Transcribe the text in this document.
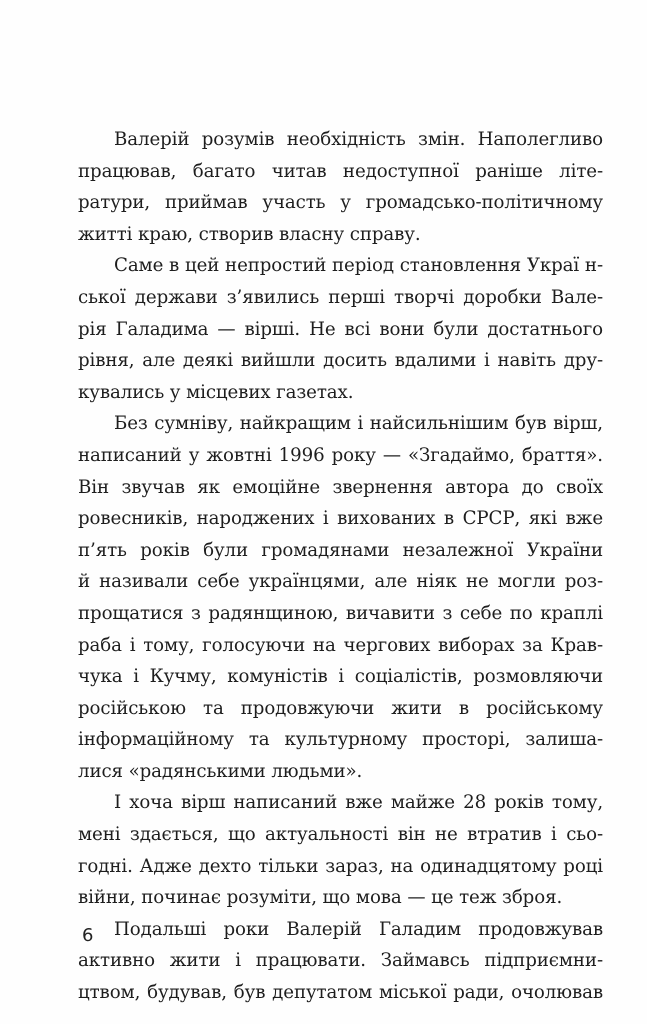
Валерій розумів необхідність змін. Наполегливо
працював, багато читав недоступної раніше літе-
ратури, приймав участь у громадсько-політичному
житті краю, створив власну справу.
Саме в цей непростий період становлення Украї н-
ської держави з’явились перші творчі доробки Вале-
рія Галадима — вірші. Не всі вони були достатнього
рівня, але деякі вийшли досить вдалими і навіть дру-
кувались у місцевих газетах.
Без сумніву, найкращим і найсильнішим був вірш,
написаний у жовтні 1996 року — «Згадаймо, браття».
Він звучав як емоційне звернення автора до своїх
ровесників, народжених і вихованих в СРСР, які вже
п’ять років були громадянами незалежної України
й називали себе українцями, але ніяк не могли роз-
прощатися з радянщиною, вичавити з себе по краплі
раба і тому, голосуючи на чергових виборах за Крав-
чука і Кучму, комуністів і соціалістів, розмовляючи
російською та продовжуючи жити в російському
інформаційному та культурному просторі, залиша-
лися «радянськими людьми».
І хоча вірш написаний вже майже 28 років тому,
мені здається, що актуальності він не втратив і сьо-
годні. Адже дехто тільки зараз, на одинадцятому році
війни, починає розуміти, що мова — це теж зброя.
Подальші роки Валерій Галадим продовжував
активно жити і працювати. Займавсь підприємни-
цтвом, будував, був депутатом міської ради, очолював
6
